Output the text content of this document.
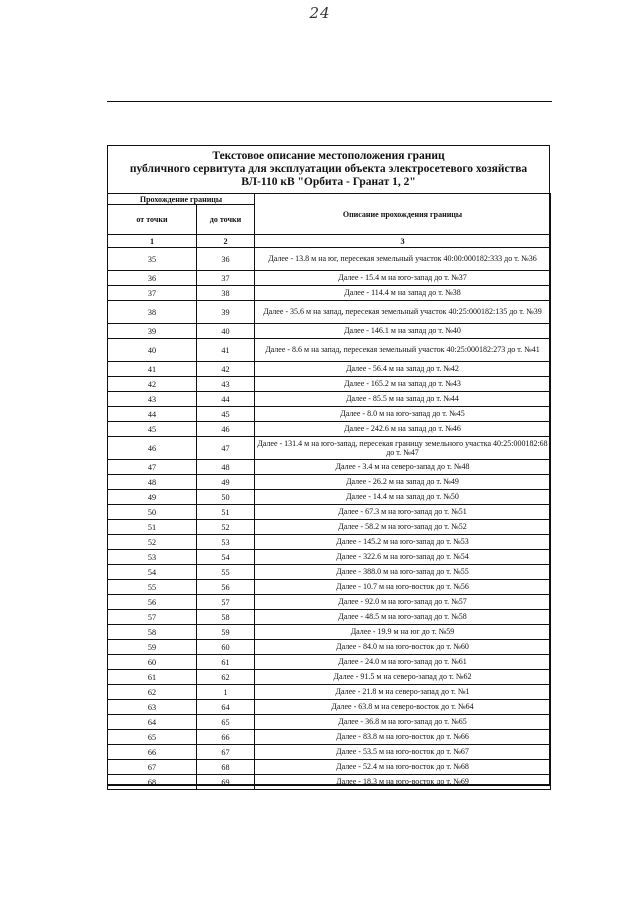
24
Текстовое описание местоположения границ
публичного сервитута для эксплуатации объекта электросетевого хозяйства
ВЛ-110 кВ "Орбита - Гранат 1, 2"
Прохождение границы		Описание прохождения границы
от точки	до точки	
1	2	3
35	36	Далее - 13.8 м на юг, пересекая земельный участок 40:00:000182:333 до т. №36
36	37	Далее - 15.4 м на юго-запад до т. №37
37	38	Далее - 114.4 м на запад до т. №38
38	39	Далее - 35.6 м на запад, пересекая земельный участок 40:25:000182:135 до т. №39
39	40	Далее - 146.1 м на запад до т. №40
40	41	Далее - 8.6 м на запад, пересекая земельный участок 40:25:000182:273 до т. №41
41	42	Далее - 56.4 м на запад до т. №42
42	43	Далее - 165.2 м на запад до т. №43
43	44	Далее - 85.5 м на запад до т. №44
44	45	Далее - 8.0 м на юго-запад до т. №45
45	46	Далее - 242.6 м на запад до т. №46
46	47	Далее - 131.4 м на юго-запад, пересекая границу земельного участка 40:25:000182:68 до т. №47
47	48	Далее - 3.4 м на северо-запад до т. №48
48	49	Далее - 26.2 м на запад до т. №49
49	50	Далее - 14.4 м на запад до т. №50
50	51	Далее - 67.3 м на юго-запад до т. №51
51	52	Далее - 58.2 м на юго-запад до т. №52
52	53	Далее - 145.2 м на юго-запад до т. №53
53	54	Далее - 322.6 м на юго-запад до т. №54
54	55	Далее - 388.0 м на юго-запад до т. №55
55	56	Далее - 10.7 м на юго-восток до т. №56
56	57	Далее - 92.0 м на юго-запад до т. №57
57	58	Далее - 48.5 м на юго-запад до т. №58
58	59	Далее - 19.9 м на юг до т. №59
59	60	Далее - 84.0 м на юго-восток до т. №60
60	61	Далее - 24.0 м на юго-запад до т. №61
61	62	Далее - 91.5 м на северо-запад до т. №62
62	1	Далее - 21.8 м на северо-запад до т. №1
63	64	Далее - 63.8 м на северо-восток до т. №64
64	65	Далее - 36.8 м на юго-запад до т. №65
65	66	Далее - 83.8 м на юго-восток до т. №66
66	67	Далее - 53.5 м на юго-восток до т. №67
67	68	Далее - 52.4 м на юго-восток до т. №68
68	69	Далее - 18.3 м на юго-восток до т. №69
